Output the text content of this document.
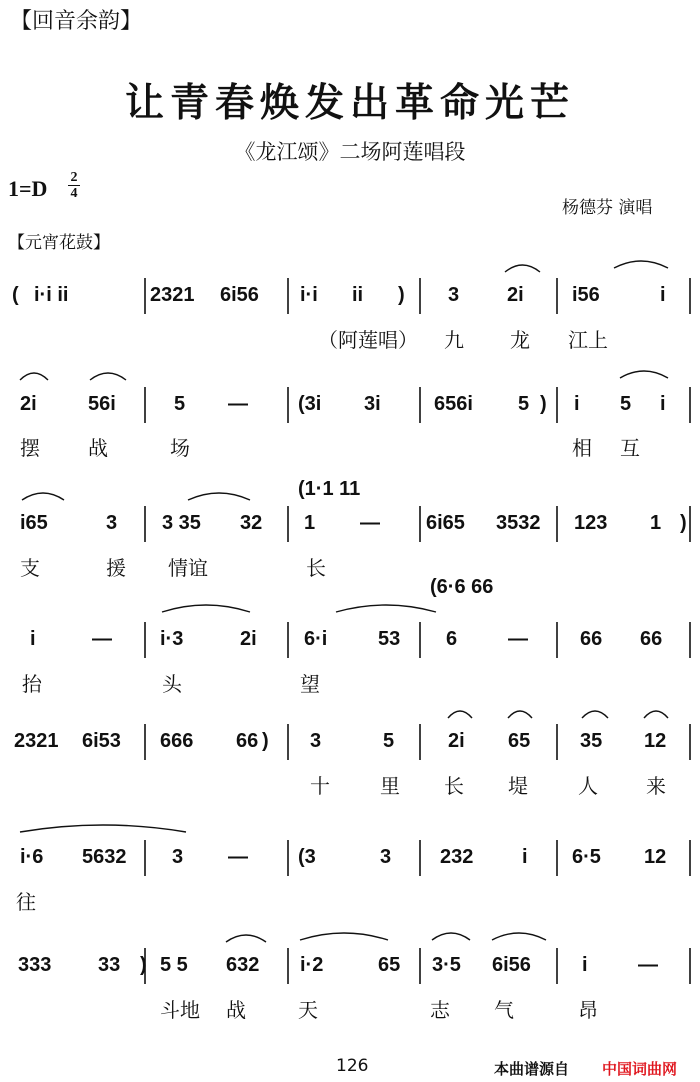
【回音余韵】
让青春焕发出革命光芒
《龙江颂》二场阿莲唱段
1=D	2
4
杨德芬 演唱
【元宵花鼓】
( i·i ii	2321 6i56 i·i ii ) 3 2i i56	i
（阿莲唱） 九 龙 江上
2i	56i	5 —	(3i 3i	656i 5 ) i 5 i
摆 战	场	相 互
i65	3 3 35 32 1 — 6i65 3532 123 1 )
支	援 情谊	长
(1·1 11
i	— i·3	2i 6·i	53 6	—	66 66
抬	头	望
(6·6 66
2321 6i53 666 66 ) 3	5	2i 65 35 12
十	里 长 堤	人 来
i·6 5632 3 —	(3	3 232 i 6·5 12
往
333 33 ) 5 5 632 i·2	65 3·5 6i56	i	—
斗地 战	天	志 气	昂
126	本曲谱源自 中国词曲网
